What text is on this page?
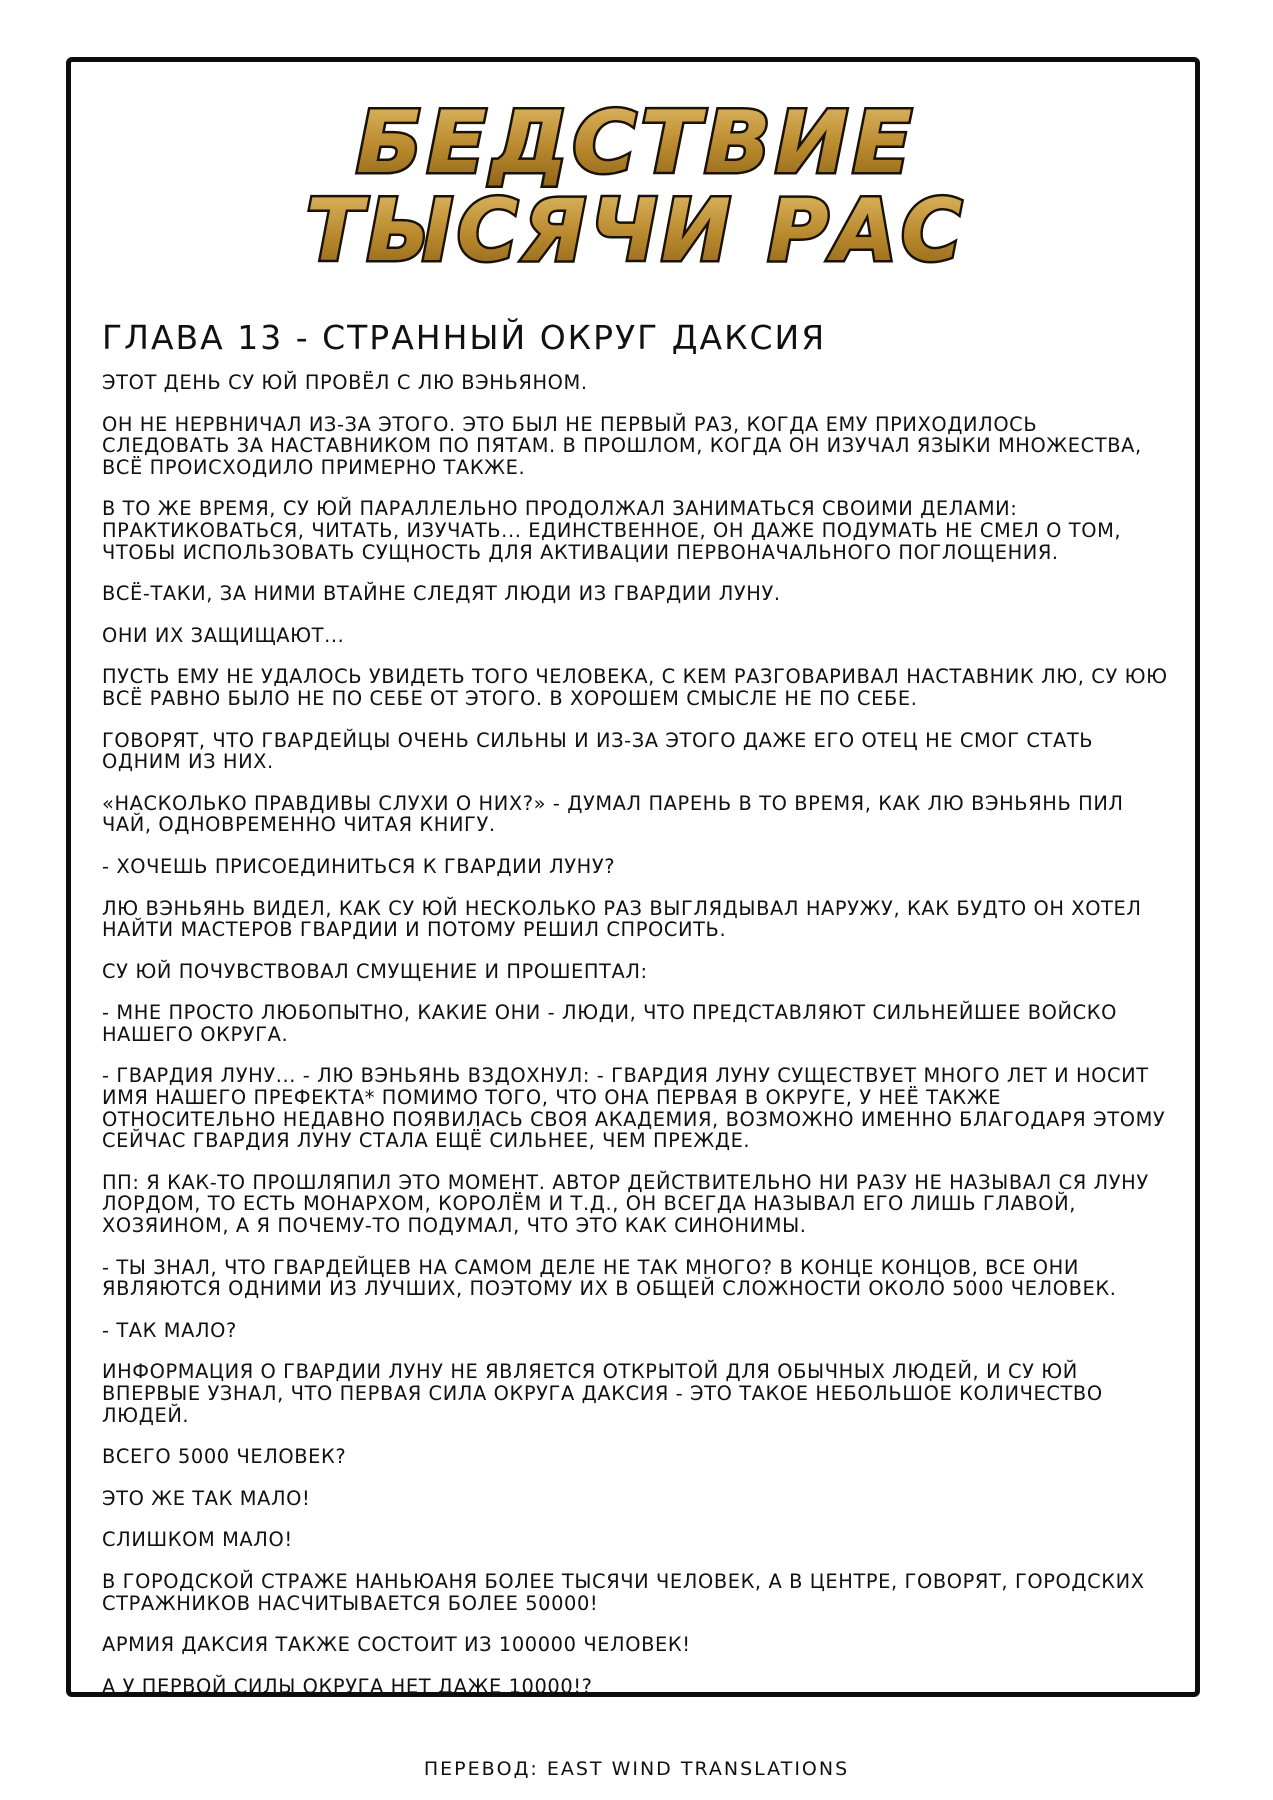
БЕДСТВИЕ
ТЫСЯЧИ РАС
ГЛАВА 13 - СТРАННЫЙ ОКРУГ ДАКСИЯ

ЭТОТ ДЕНЬ СУ ЮЙ ПРОВЁЛ С ЛЮ ВЭНЬЯНОМ.

ОН НЕ НЕРВНИЧАЛ ИЗ-ЗА ЭТОГО. ЭТО БЫЛ НЕ ПЕРВЫЙ РАЗ, КОГДА ЕМУ ПРИХОДИЛОСЬ СЛЕДОВАТЬ ЗА НАСТАВНИКОМ ПО ПЯТАМ. В ПРОШЛОМ, КОГДА ОН ИЗУЧАЛ ЯЗЫКИ МНОЖЕСТВА, ВСЁ ПРОИСХОДИЛО ПРИМЕРНО ТАКЖЕ.

В ТО ЖЕ ВРЕМЯ, СУ ЮЙ ПАРАЛЛЕЛЬНО ПРОДОЛЖАЛ ЗАНИМАТЬСЯ СВОИМИ ДЕЛАМИ: ПРАКТИКОВАТЬСЯ, ЧИТАТЬ, ИЗУЧАТЬ... ЕДИНСТВЕННОЕ, ОН ДАЖЕ ПОДУМАТЬ НЕ СМЕЛ О ТОМ, ЧТОБЫ ИСПОЛЬЗОВАТЬ СУЩНОСТЬ ДЛЯ АКТИВАЦИИ ПЕРВОНАЧАЛЬНОГО ПОГЛОЩЕНИЯ.

ВСЁ-ТАКИ, ЗА НИМИ ВТАЙНЕ СЛЕДЯТ ЛЮДИ ИЗ ГВАРДИИ ЛУНУ.

ОНИ ИХ ЗАЩИЩАЮТ...

ПУСТЬ ЕМУ НЕ УДАЛОСЬ УВИДЕТЬ ТОГО ЧЕЛОВЕКА, С КЕМ РАЗГОВАРИВАЛ НАСТАВНИК ЛЮ, СУ ЮЮ ВСЁ РАВНО БЫЛО НЕ ПО СЕБЕ ОТ ЭТОГО. В ХОРОШЕМ СМЫСЛЕ НЕ ПО СЕБЕ.

ГОВОРЯТ, ЧТО ГВАРДЕЙЦЫ ОЧЕНЬ СИЛЬНЫ И ИЗ-ЗА ЭТОГО ДАЖЕ ЕГО ОТЕЦ НЕ СМОГ СТАТЬ ОДНИМ ИЗ НИХ.

«НАСКОЛЬКО ПРАВДИВЫ СЛУХИ О НИХ?» - ДУМАЛ ПАРЕНЬ В ТО ВРЕМЯ, КАК ЛЮ ВЭНЬЯНЬ ПИЛ ЧАЙ, ОДНОВРЕМЕННО ЧИТАЯ КНИГУ.

- ХОЧЕШЬ ПРИСОЕДИНИТЬСЯ К ГВАРДИИ ЛУНУ?

ЛЮ ВЭНЬЯНЬ ВИДЕЛ, КАК СУ ЮЙ НЕСКОЛЬКО РАЗ ВЫГЛЯДЫВАЛ НАРУЖУ, КАК БУДТО ОН ХОТЕЛ НАЙТИ МАСТЕРОВ ГВАРДИИ И ПОТОМУ РЕШИЛ СПРОСИТЬ.

СУ ЮЙ ПОЧУВСТВОВАЛ СМУЩЕНИЕ И ПРОШЕПТАЛ:

- МНЕ ПРОСТО ЛЮБОПЫТНО, КАКИЕ ОНИ - ЛЮДИ, ЧТО ПРЕДСТАВЛЯЮТ СИЛЬНЕЙШЕЕ ВОЙСКО НАШЕГО ОКРУГА.

- ГВАРДИЯ ЛУНУ... - ЛЮ ВЭНЬЯНЬ ВЗДОХНУЛ: - ГВАРДИЯ ЛУНУ СУЩЕСТВУЕТ МНОГО ЛЕТ И НОСИТ ИМЯ НАШЕГО ПРЕФЕКТА* ПОМИМО ТОГО, ЧТО ОНА ПЕРВАЯ В ОКРУГЕ, У НЕЁ ТАКЖЕ ОТНОСИТЕЛЬНО НЕДАВНО ПОЯВИЛАСЬ СВОЯ АКАДЕМИЯ, ВОЗМОЖНО ИМЕННО БЛАГОДАРЯ ЭТОМУ СЕЙЧАС ГВАРДИЯ ЛУНУ СТАЛА ЕЩЁ СИЛЬНЕЕ, ЧЕМ ПРЕЖДЕ.

ПП: Я КАК-ТО ПРОШЛЯПИЛ ЭТО МОМЕНТ. АВТОР ДЕЙСТВИТЕЛЬНО НИ РАЗУ НЕ НАЗЫВАЛ СЯ ЛУНУ ЛОРДОМ, ТО ЕСТЬ МОНАРХОМ, КОРОЛЁМ И Т.Д., ОН ВСЕГДА НАЗЫВАЛ ЕГО ЛИШЬ ГЛАВОЙ, ХОЗЯИНОМ, А Я ПОЧЕМУ-ТО ПОДУМАЛ, ЧТО ЭТО КАК СИНОНИМЫ.

- ТЫ ЗНАЛ, ЧТО ГВАРДЕЙЦЕВ НА САМОМ ДЕЛЕ НЕ ТАК МНОГО? В КОНЦЕ КОНЦОВ, ВСЕ ОНИ ЯВЛЯЮТСЯ ОДНИМИ ИЗ ЛУЧШИХ, ПОЭТОМУ ИХ В ОБЩЕЙ СЛОЖНОСТИ ОКОЛО 5000 ЧЕЛОВЕК.

- ТАК МАЛО?

ИНФОРМАЦИЯ О ГВАРДИИ ЛУНУ НЕ ЯВЛЯЕТСЯ ОТКРЫТОЙ ДЛЯ ОБЫЧНЫХ ЛЮДЕЙ, И СУ ЮЙ ВПЕРВЫЕ УЗНАЛ, ЧТО ПЕРВАЯ СИЛА ОКРУГА ДАКСИЯ - ЭТО ТАКОЕ НЕБОЛЬШОЕ КОЛИЧЕСТВО ЛЮДЕЙ.

ВСЕГО 5000 ЧЕЛОВЕК?

ЭТО ЖЕ ТАК МАЛО!

СЛИШКОМ МАЛО!

В ГОРОДСКОЙ СТРАЖЕ НАНЬЮАНЯ БОЛЕЕ ТЫСЯЧИ ЧЕЛОВЕК, А В ЦЕНТРЕ, ГОВОРЯТ, ГОРОДСКИХ СТРАЖНИКОВ НАСЧИТЫВАЕТСЯ БОЛЕЕ 50000!

АРМИЯ ДАКСИЯ ТАКЖЕ СОСТОИТ ИЗ 100000 ЧЕЛОВЕК!

А У ПЕРВОЙ СИЛЫ ОКРУГА НЕТ ДАЖЕ 10000!?

ПЕРЕВОД: EAST WIND TRANSLATIONS
